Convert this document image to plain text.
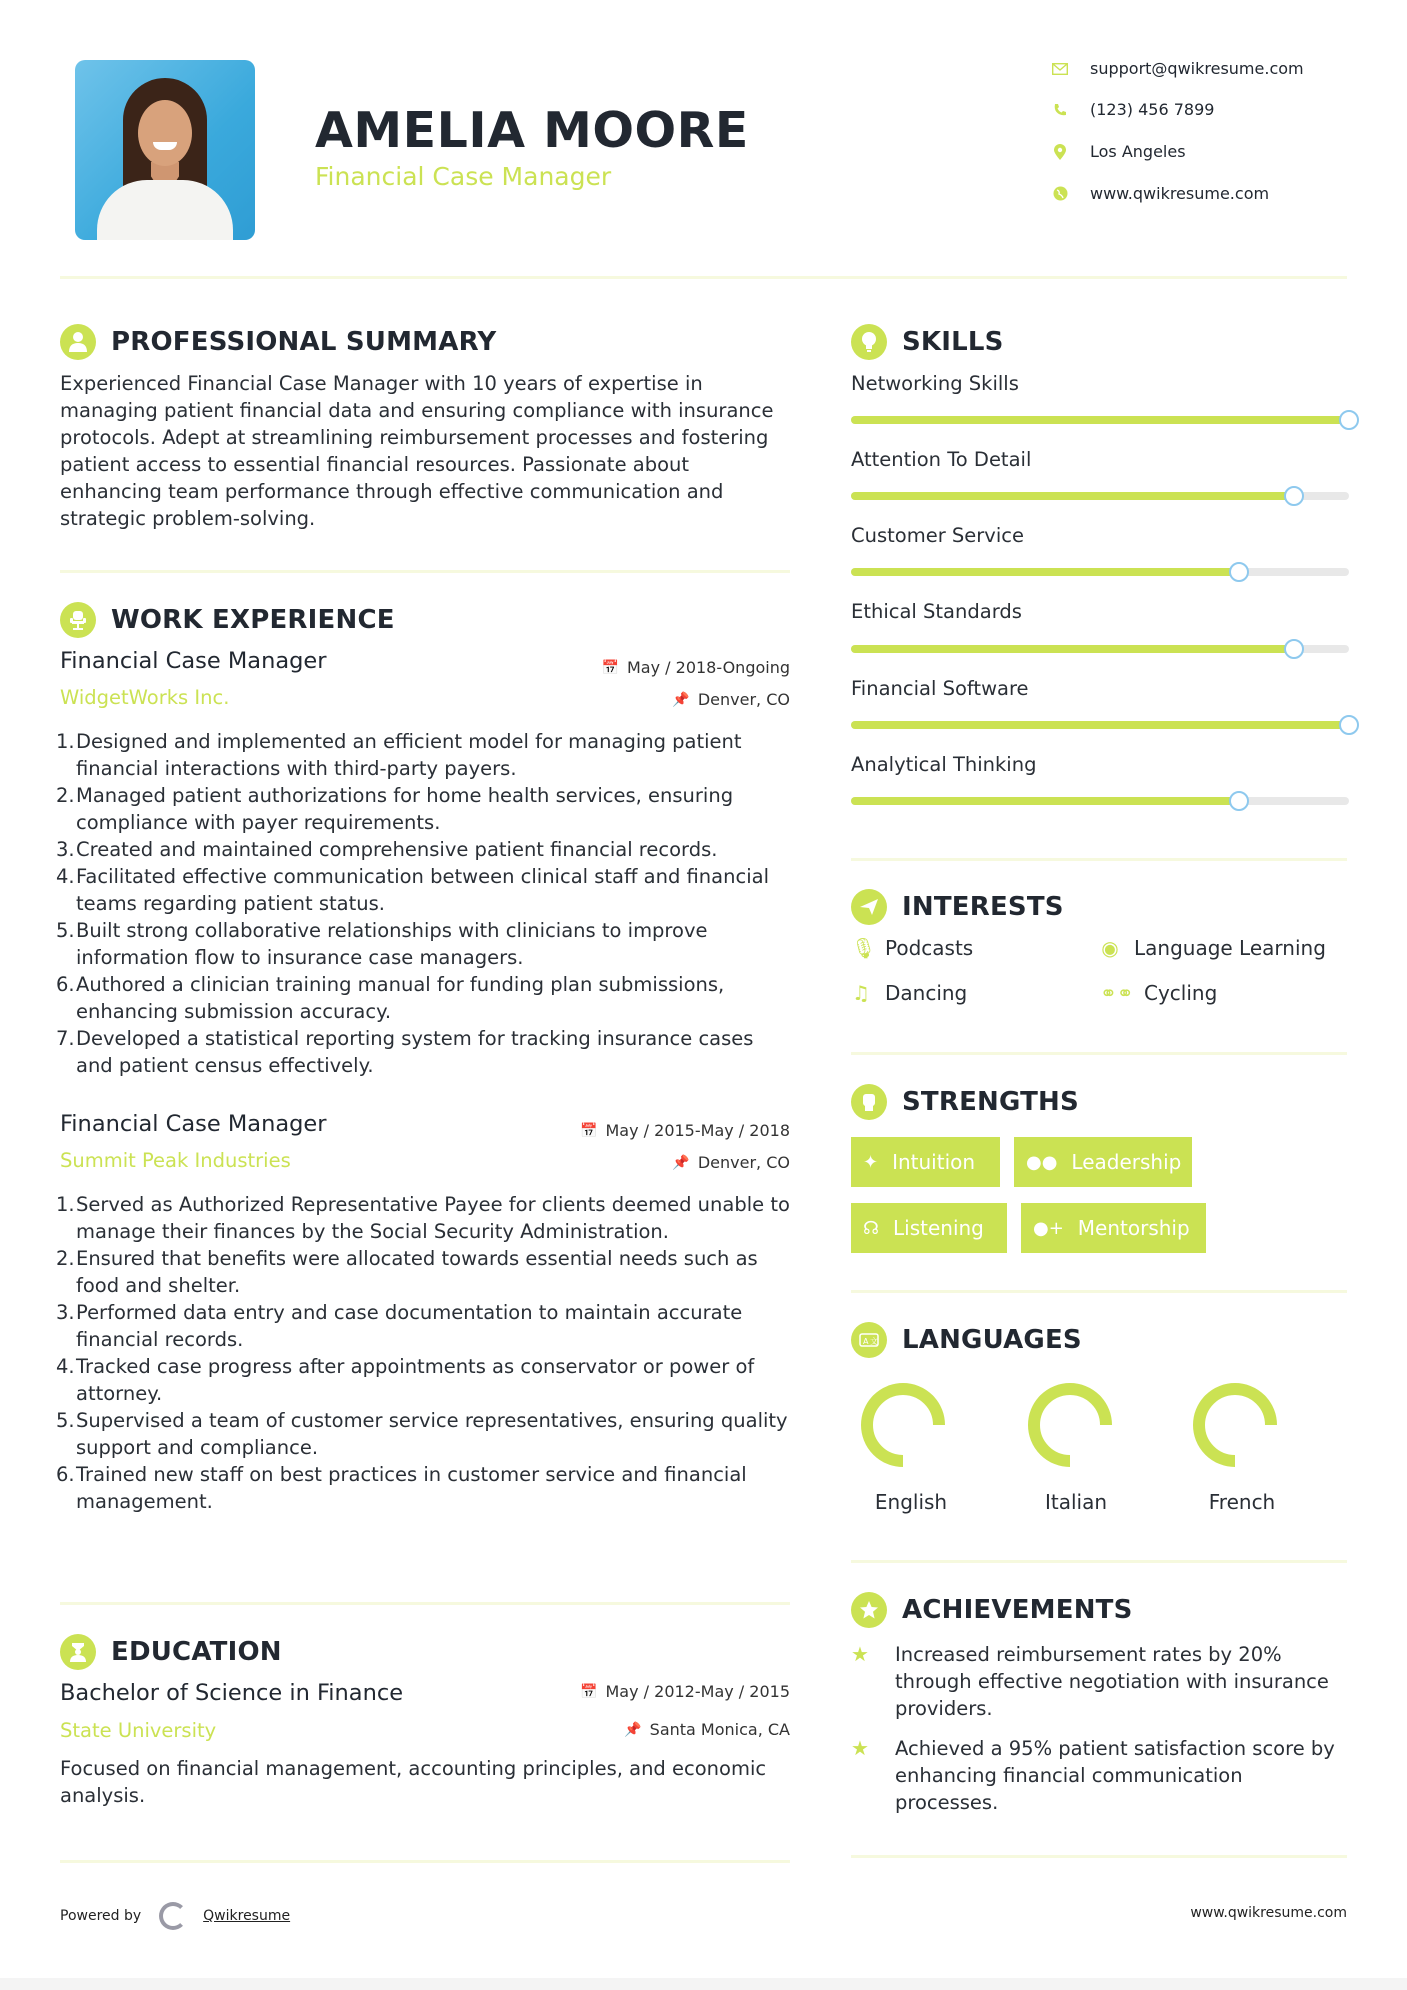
AMELIA MOORE
Financial Case Manager
support@qwikresume.com
(123) 456 7899
Los Angeles
www.qwikresume.com
PROFESSIONAL SUMMARY
Experienced Financial Case Manager with 10 years of expertise in managing patient financial data and ensuring compliance with insurance protocols. Adept at streamlining reimbursement processes and fostering patient access to essential financial resources. Passionate about enhancing team performance through effective communication and strategic problem-solving.
WORK EXPERIENCE
Financial Case Manager
WidgetWorks Inc.
📅 May / 2018-Ongoing
📌 Denver, CO
1. Designed and implemented an efficient model for managing patient financial interactions with third-party payers.
2. Managed patient authorizations for home health services, ensuring compliance with payer requirements.
3. Created and maintained comprehensive patient financial records.
4. Facilitated effective communication between clinical staff and financial teams regarding patient status.
5. Built strong collaborative relationships with clinicians to improve information flow to insurance case managers.
6. Authored a clinician training manual for funding plan submissions, enhancing submission accuracy.
7. Developed a statistical reporting system for tracking insurance cases and patient census effectively.
Financial Case Manager
Summit Peak Industries
📅 May / 2015-May / 2018
📌 Denver, CO
1. Served as Authorized Representative Payee for clients deemed unable to manage their finances by the Social Security Administration.
2. Ensured that benefits were allocated towards essential needs such as food and shelter.
3. Performed data entry and case documentation to maintain accurate financial records.
4. Tracked case progress after appointments as conservator or power of attorney.
5. Supervised a team of customer service representatives, ensuring quality support and compliance.
6. Trained new staff on best practices in customer service and financial management.
EDUCATION
Bachelor of Science in Finance
State University
📅 May / 2012-May / 2015
📌 Santa Monica, CA
Focused on financial management, accounting principles, and economic analysis.
SKILLS
Networking Skills
Attention To Detail
Customer Service
Ethical Standards
Financial Software
Analytical Thinking
INTERESTS
🎙 Podcasts	◉ Language Learning
♫ Dancing	⚭⚭ Cycling
STRENGTHS
✦ Intuition	●● Leadership
☊ Listening	●+ Mentorship
A 文 LANGUAGES
English	Italian	French
ACHIEVEMENTS
★	Increased reimbursement rates by 20% through effective negotiation with insurance providers.
★	Achieved a 95% patient satisfaction score by enhancing financial communication processes.
Powered by	Qwikresume	www.qwikresume.com
